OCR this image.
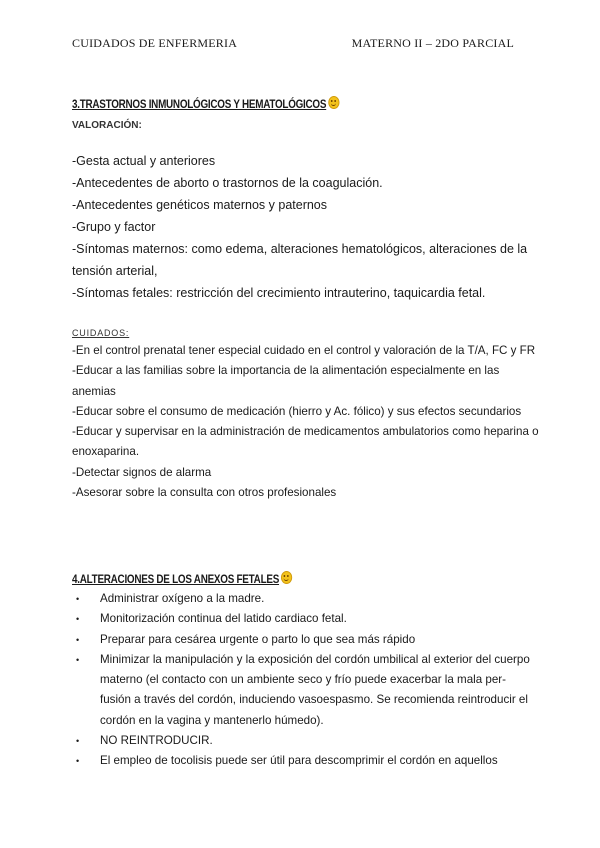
CUIDADOS DE ENFERMERIA	MATERNO II – 2DO PARCIAL
3.TRASTORNOS INMUNOLÓGICOS Y HEMATOLÓGICOS
VALORACIÓN:
-Gesta actual y anteriores
-Antecedentes de aborto o trastornos de la coagulación.
-Antecedentes genéticos maternos y paternos
-Grupo y factor
-Síntomas maternos: como edema, alteraciones hematológicos, alteraciones de la tensión arterial,
-Síntomas fetales: restricción del crecimiento intrauterino, taquicardia fetal.
CUIDADOS:
-En el control prenatal tener especial cuidado en el control y valoración de la T/A, FC y FR
-Educar a las familias sobre la importancia de la alimentación especialmente en las anemias
-Educar sobre el consumo de medicación (hierro y Ac. fólico) y sus efectos secundarios
-Educar y supervisar en la administración de medicamentos ambulatorios como heparina o enoxaparina.
-Detectar signos de alarma
-Asesorar sobre la consulta con otros profesionales
4.ALTERACIONES DE LOS ANEXOS FETALES
• Administrar oxígeno a la madre.
• Monitorización continua del latido cardiaco fetal.
• Preparar para cesárea urgente o parto lo que sea más rápido
• Minimizar la manipulación y la exposición del cordón umbilical al exterior del cuerpo materno (el contacto con un ambiente seco y frío puede exacerbar la mala per- fusión a través del cordón, induciendo vasoespasmo. Se recomienda reintroducir el cordón en la vagina y mantenerlo húmedo).
• NO REINTRODUCIR.
• El empleo de tocolisis puede ser útil para descomprimir el cordón en aquellos
